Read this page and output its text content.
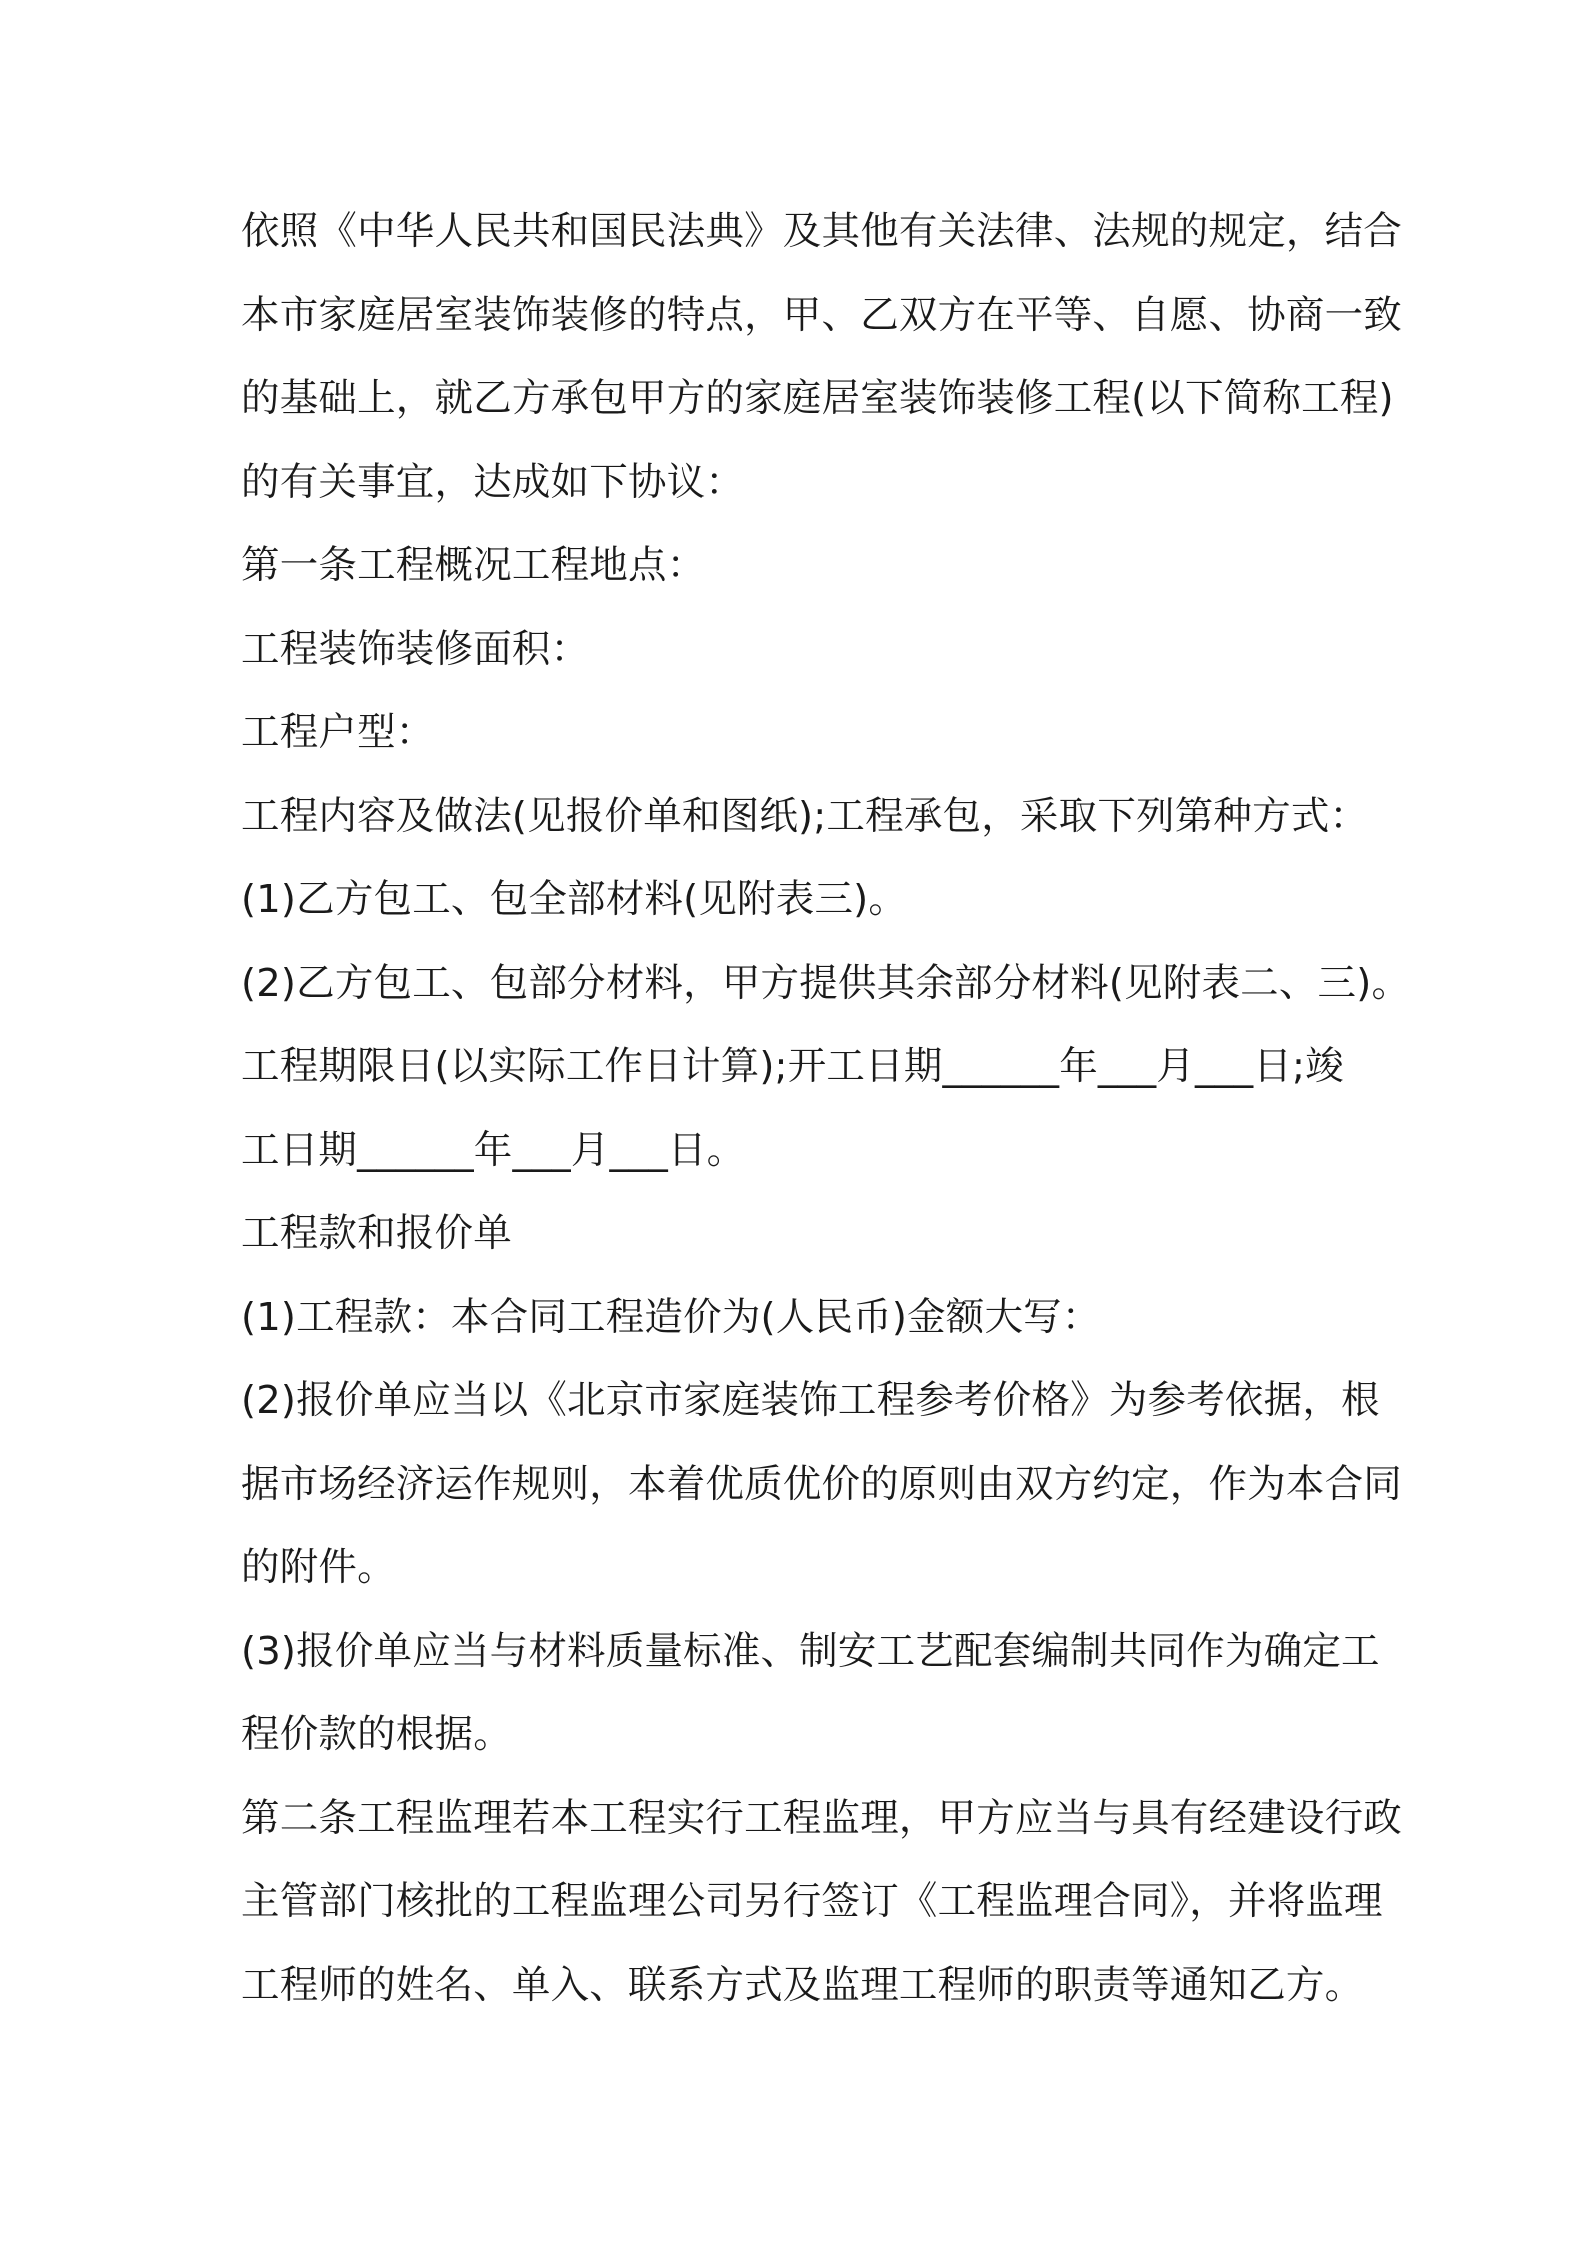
依照《中华人民共和国民法典》及其他有关法律、法规的规定，结合
本市家庭居室装饰装修的特点，甲、乙双方在平等、自愿、协商一致
的基础上，就乙方承包甲方的家庭居室装饰装修工程(以下简称工程)
的有关事宜，达成如下协议：
第一条工程概况工程地点：
工程装饰装修面积：
工程户型：
工程内容及做法(见报价单和图纸);工程承包，采取下列第种方式：
(1)乙方包工、包全部材料(见附表三)。
(2)乙方包工、包部分材料，甲方提供其余部分材料(见附表二、三)。
工程期限日(以实际工作日计算);开工日期______年___月___日;竣
工日期______年___月___日。
工程款和报价单
(1)工程款：本合同工程造价为(人民币)金额大写：
(2)报价单应当以《北京市家庭装饰工程参考价格》为参考依据，根
据市场经济运作规则，本着优质优价的原则由双方约定，作为本合同
的附件。
(3)报价单应当与材料质量标准、制安工艺配套编制共同作为确定工
程价款的根据。
第二条工程监理若本工程实行工程监理，甲方应当与具有经建设行政
主管部门核批的工程监理公司另行签订《工程监理合同》，并将监理
工程师的姓名、单入、联系方式及监理工程师的职责等通知乙方。
